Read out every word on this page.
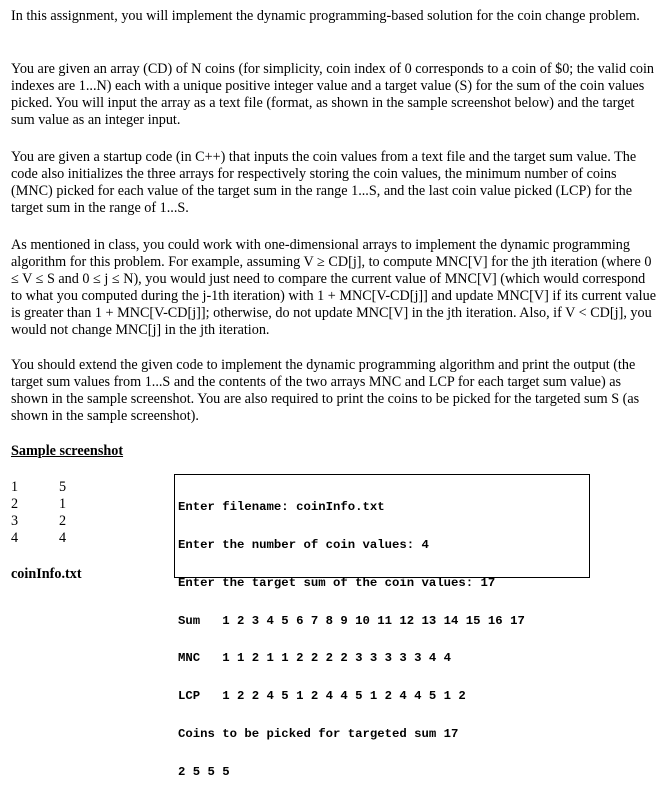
In this assignment, you will implement the dynamic programming-based solution for the coin change problem.

You are given an array (CD) of N coins (for simplicity, coin index of 0 corresponds to a coin of $0; the valid coin indexes are 1...N) each with a unique positive integer value and a target value (S) for the sum of the coin values picked. You will input the array as a text file (format, as shown in the sample screenshot below) and the target sum value as an integer input.

You are given a startup code (in C++) that inputs the coin values from a text file and the target sum value. The code also initializes the three arrays for respectively storing the coin values, the minimum number of coins (MNC) picked for each value of the target sum in the range 1...S, and the last coin value picked (LCP) for the target sum in the range of 1...S.

As mentioned in class, you could work with one-dimensional arrays to implement the dynamic programming algorithm for this problem. For example, assuming V ≥ CD[j], to compute MNC[V] for the jth iteration (where 0 ≤ V ≤ S and 0 ≤ j ≤ N), you would just need to compare the current value of MNC[V] (which would correspond to what you computed during the j-1th iteration) with 1 + MNC[V-CD[j]] and update MNC[V] if its current value is greater than 1 + MNC[V-CD[j]]; otherwise, do not update MNC[V] in the jth iteration. Also, if V < CD[j], you would not change MNC[j] in the jth iteration.

You should extend the given code to implement the dynamic programming algorithm and print the output (the target sum values from 1...S and the contents of the two arrays MNC and LCP for each target sum value) as shown in the sample screenshot. You are also required to print the coins to be picked for the targeted sum S (as shown in the sample screenshot).

Sample screenshot

1	5
2	1
3	2
4	4
coinInfo.txt

Enter filename: coinInfo.txt

Enter the number of coin values: 4

Enter the target sum of the coin values: 17

Sum   1 2 3 4 5 6 7 8 9 10 11 12 13 14 15 16 17

MNC   1 1 2 1 1 2 2 2 2 3 3 3 3 3 4 4

LCP   1 2 2 4 5 1 2 4 4 5 1 2 4 4 5 1 2

Coins to be picked for targeted sum 17

2 5 5 5
